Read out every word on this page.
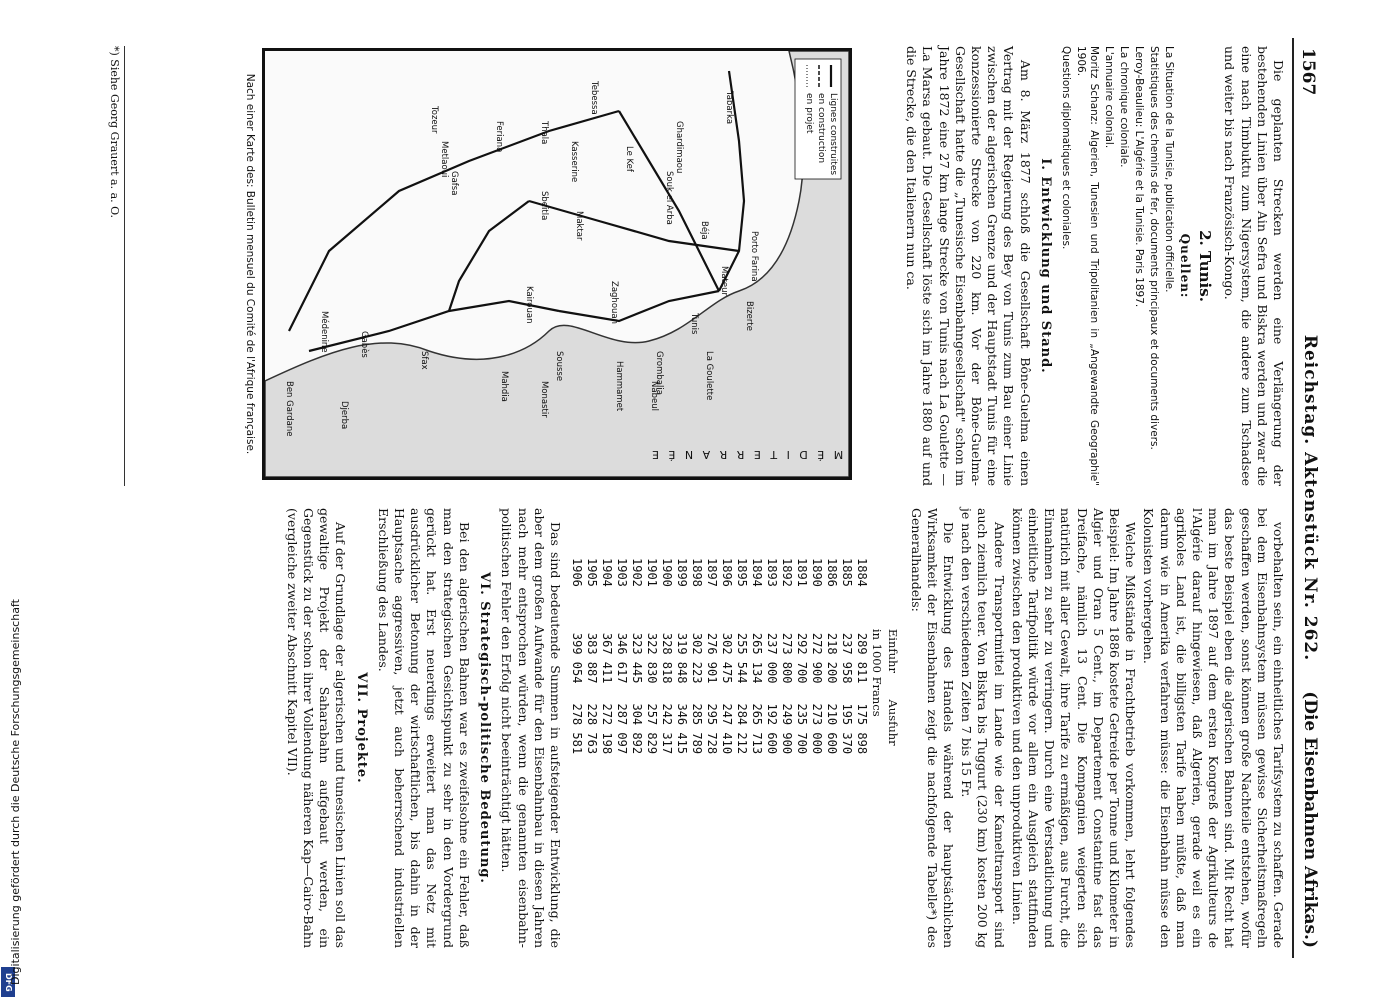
DFG
Digitalisierung gefördert durch die Deutsche Forschungsgemeinschaft
1567
Reichstag. Aktenstück Nr. 262.
(Die Eisenbahnen Afrikas.)

vorbehalten sein, ein einheitliches Tarifsystem zu schaffen. Gerade bei dem Eisenbahnsystem müssen gewisse Sicherheitsmaßregeln geschaffen werden, sonst können große Nachteile entstehen, wofür das beste Beispiel eben die algerischen Bahnen sind. Mit Recht hat man im Jahre 1897 auf dem ersten Kongreß der Agrikulteurs de l'Algérie darauf hingewiesen, daß Algerien, gerade weil es ein agrikoles Land ist, die billigsten Tarife haben müßte, daß man darum wie in Amerika verfahren müsse: die Eisenbahn müsse den Kolonisten vorhergehen.

Welche Mißstände in Frachtbetrieb vorkommen, lehrt folgendes Beispiel: Im Jahre 1886 kostete Getreide per Tonne und Kilometer in Algier und Oran 5 Cent., im Departement Constantine fast das Dreifache, nämlich 13 Cent. Die Kompagnien weigerten sich natürlich mit aller Gewalt, ihre Tarife zu ermäßigen, aus Furcht, die Einnahmen zu sehr zu verringern. Durch eine Verstaatlichung und einheitliche Tarifpolitik würde vor allem ein Ausgleich stattfinden können zwischen den produktiven und den unproduktiven Linien.

Andere Transportmittel im Lande wie der Kameltransport sind auch ziemlich teuer. Von Biskra bis Tuggurt (230 km) kosten 200 kg je nach den verschiedenen Zeiten 7 bis 15 Fr.

Die Entwicklung des Handels während der hauptsächlichen Wirksamkeit der Eisenbahnen zeigt die nachfolgende Tabelle*) des Generalhandels:

	Einfuhr	Ausfuhr
	in 1000 Francs	
1884	289 811	175 898
1885	237 958	195 370
1886	218 200	210 600
1890	272 900	273 000
1891	292 700	235 700
1892	273 800	249 900
1893	237 000	192 600
1894	265 134	265 713
1895	255 544	284 212
1896	302 475	247 410
1897	276 901	295 728
1898	302 223	285 789
1899	319 848	346 415
1900	328 818	242 317
1901	322 830	257 829
1902	323 445	304 892
1903	346 617	287 097
1904	367 411	272 198
1905	383 887	228 763
1906	399 054	278 581

Das sind bedeutende Summen in aufsteigender Entwicklung, die aber dem großen Aufwande für den Eisenbahnbau in diesen Jahren nach mehr entsprochen würden, wenn die genannten eisenbahn-politischen Fehler den Erfolg nicht beeinträchtigt hätten.

VI. Strategisch-politische Bedeutung.

Bei den algerischen Bahnen war es zweifelsohne ein Fehler, daß man den strategischen Gesichtspunkt zu sehr in den Vordergrund gerückt hat. Erst neuerdings erweitert man das Netz mit ausdrücklicher Betonung der wirtschaftlichen, bis dahin in der Hauptsache aggressiven, jetzt auch beherrschend industriellen Erschließung des Landes.

VII. Projekte.

Auf der Grundlage der algerischen und tunesischen Linien soll das gewaltige Projekt der Saharabahn aufgebaut werden, ein Gegenstück zu der schon ihrer Vollendung näheren Kap—Cairo-Bahn (vergleiche zweiter Abschnitt Kapitel VII).

Die geplanten Strecken werden eine Verlängerung der bestehenden Linien über Ain Sefra und Biskra werden und zwar die eine nach Timbuktu zum Nigersystem, die andere zum Tschadsee und weiter bis nach Französisch-Kongo.

2. Tunis.
Quellen:

La Situation de la Tunisie, publication officielle.

Statistiques des chemins de fer, documents principaux et documents divers.

Leroy-Beaulieu: L'Algérie et la Tunisie. Paris 1897.

La chronique coloniale.

L'annuaire colonial.

Moritz Schanz: Algerien, Tunesien und Tripolitanien in „Angewandte Geographie" 1906.

Questions diplomatiques et coloniales.

I. Entwicklung und Stand.

Am 8. März 1877 schloß die Gesellschaft Bône-Guelma einen Vertrag mit der Regierung des Bey von Tunis zum Bau einer Linie zwischen der algerischen Grenze und der Hauptstadt Tunis für eine konzessionierte Strecke von 220 km. Vor der Bône-Guelma-Gesellschaft hatte die „Tunesische Eisenbahngesellschaft" schon im Jahre 1872 eine 27 km lange Strecke von Tunis nach La Goulette — La Marsa gebaut. Die Gesellschaft löste sich im Jahre 1880 auf und die Strecke, die den Italienern nun ca.

Lignes construites
en construction
en projet
M É D I T E R R A N É E
Bizerte
Tunis
Porto Farina
La Goulette
Tabarka
Béja
Mateur
Souk el Arba
Le Kef
Tebessa
Ghardimaou
Grombalia
Nabeul
Hammamet
Zaghouan
Sousse
Monastir
Mahdia
Kairouan
Sfax
Gafsa
Gabès
Tozeur
Metlaoui
Maktar
Thala
Feriana
Djerba
Ben Gardane
Médenine
Sbeitla
Kasserine
Nach einer Karte des: Bulletin mensuel du Comité de l'Afrique française.
*) Siehe Georg Grauert a. a. O.
